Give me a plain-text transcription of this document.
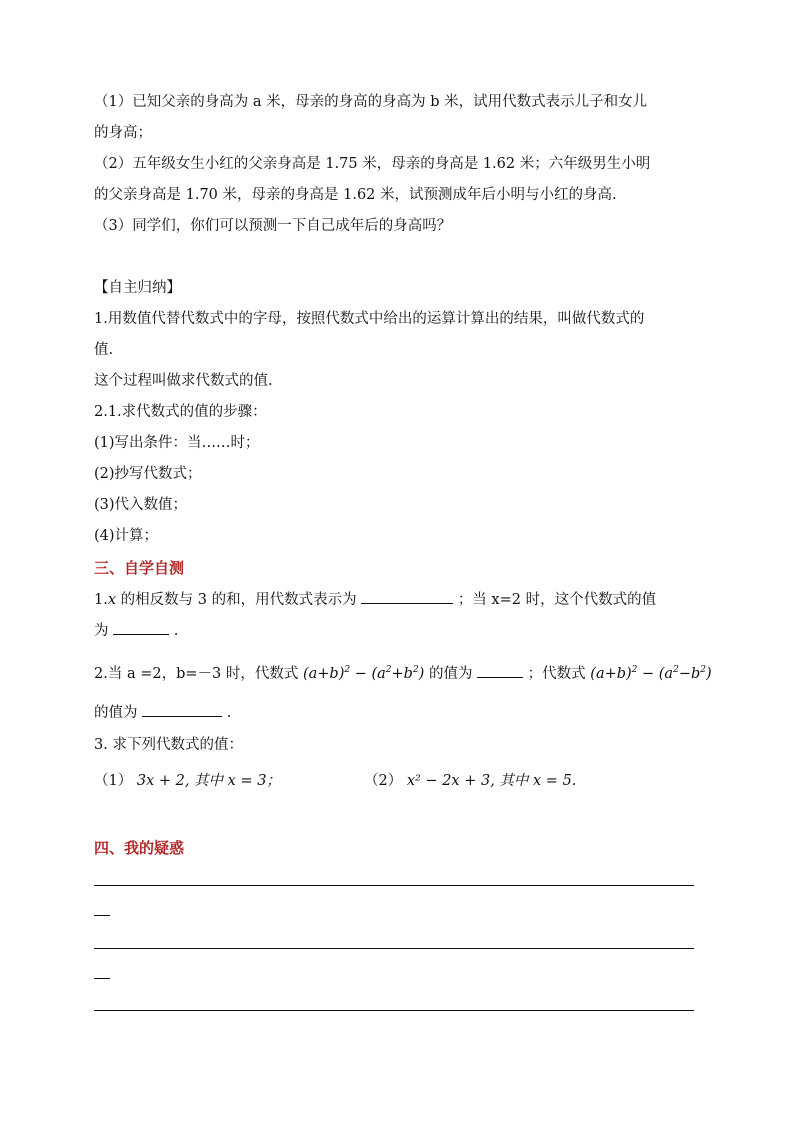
（1）已知父亲的身高为 a 米，母亲的身高的身高为 b 米，试用代数式表示儿子和女儿
的身高；
（2）五年级女生小红的父亲身高是 1.75 米，母亲的身高是 1.62 米；六年级男生小明
的父亲身高是 1.70 米，母亲的身高是 1.62 米，试预测成年后小明与小红的身高.
（3）同学们，你们可以预测一下自己成年后的身高吗？
【自主归纳】
1.用数值代替代数式中的字母，按照代数式中给出的运算计算出的结果，叫做代数式的
值.
这个过程叫做求代数式的值.
2.1.求代数式的值的步骤：
(1)写出条件：当……时；
(2)抄写代数式；
(3)代入数值；
(4)计算；
三、自学自测
1.x 的相反数与 3 的和，用代数式表示为	；当 x=2 时，这个代数式的值
为	.
2.当 a =2，b=－3 时，代数式 $(a+b)^2 - (a^2+b^2)$ 的值为	；代数式 $(a+b)^2 - (a^2-b^2)$
的值为	.
3. 求下列代数式的值：
（1） 3x + 2, 其中 x = 3；	（2） x² − 2x + 3, 其中 x = 5.
四、我的疑惑
